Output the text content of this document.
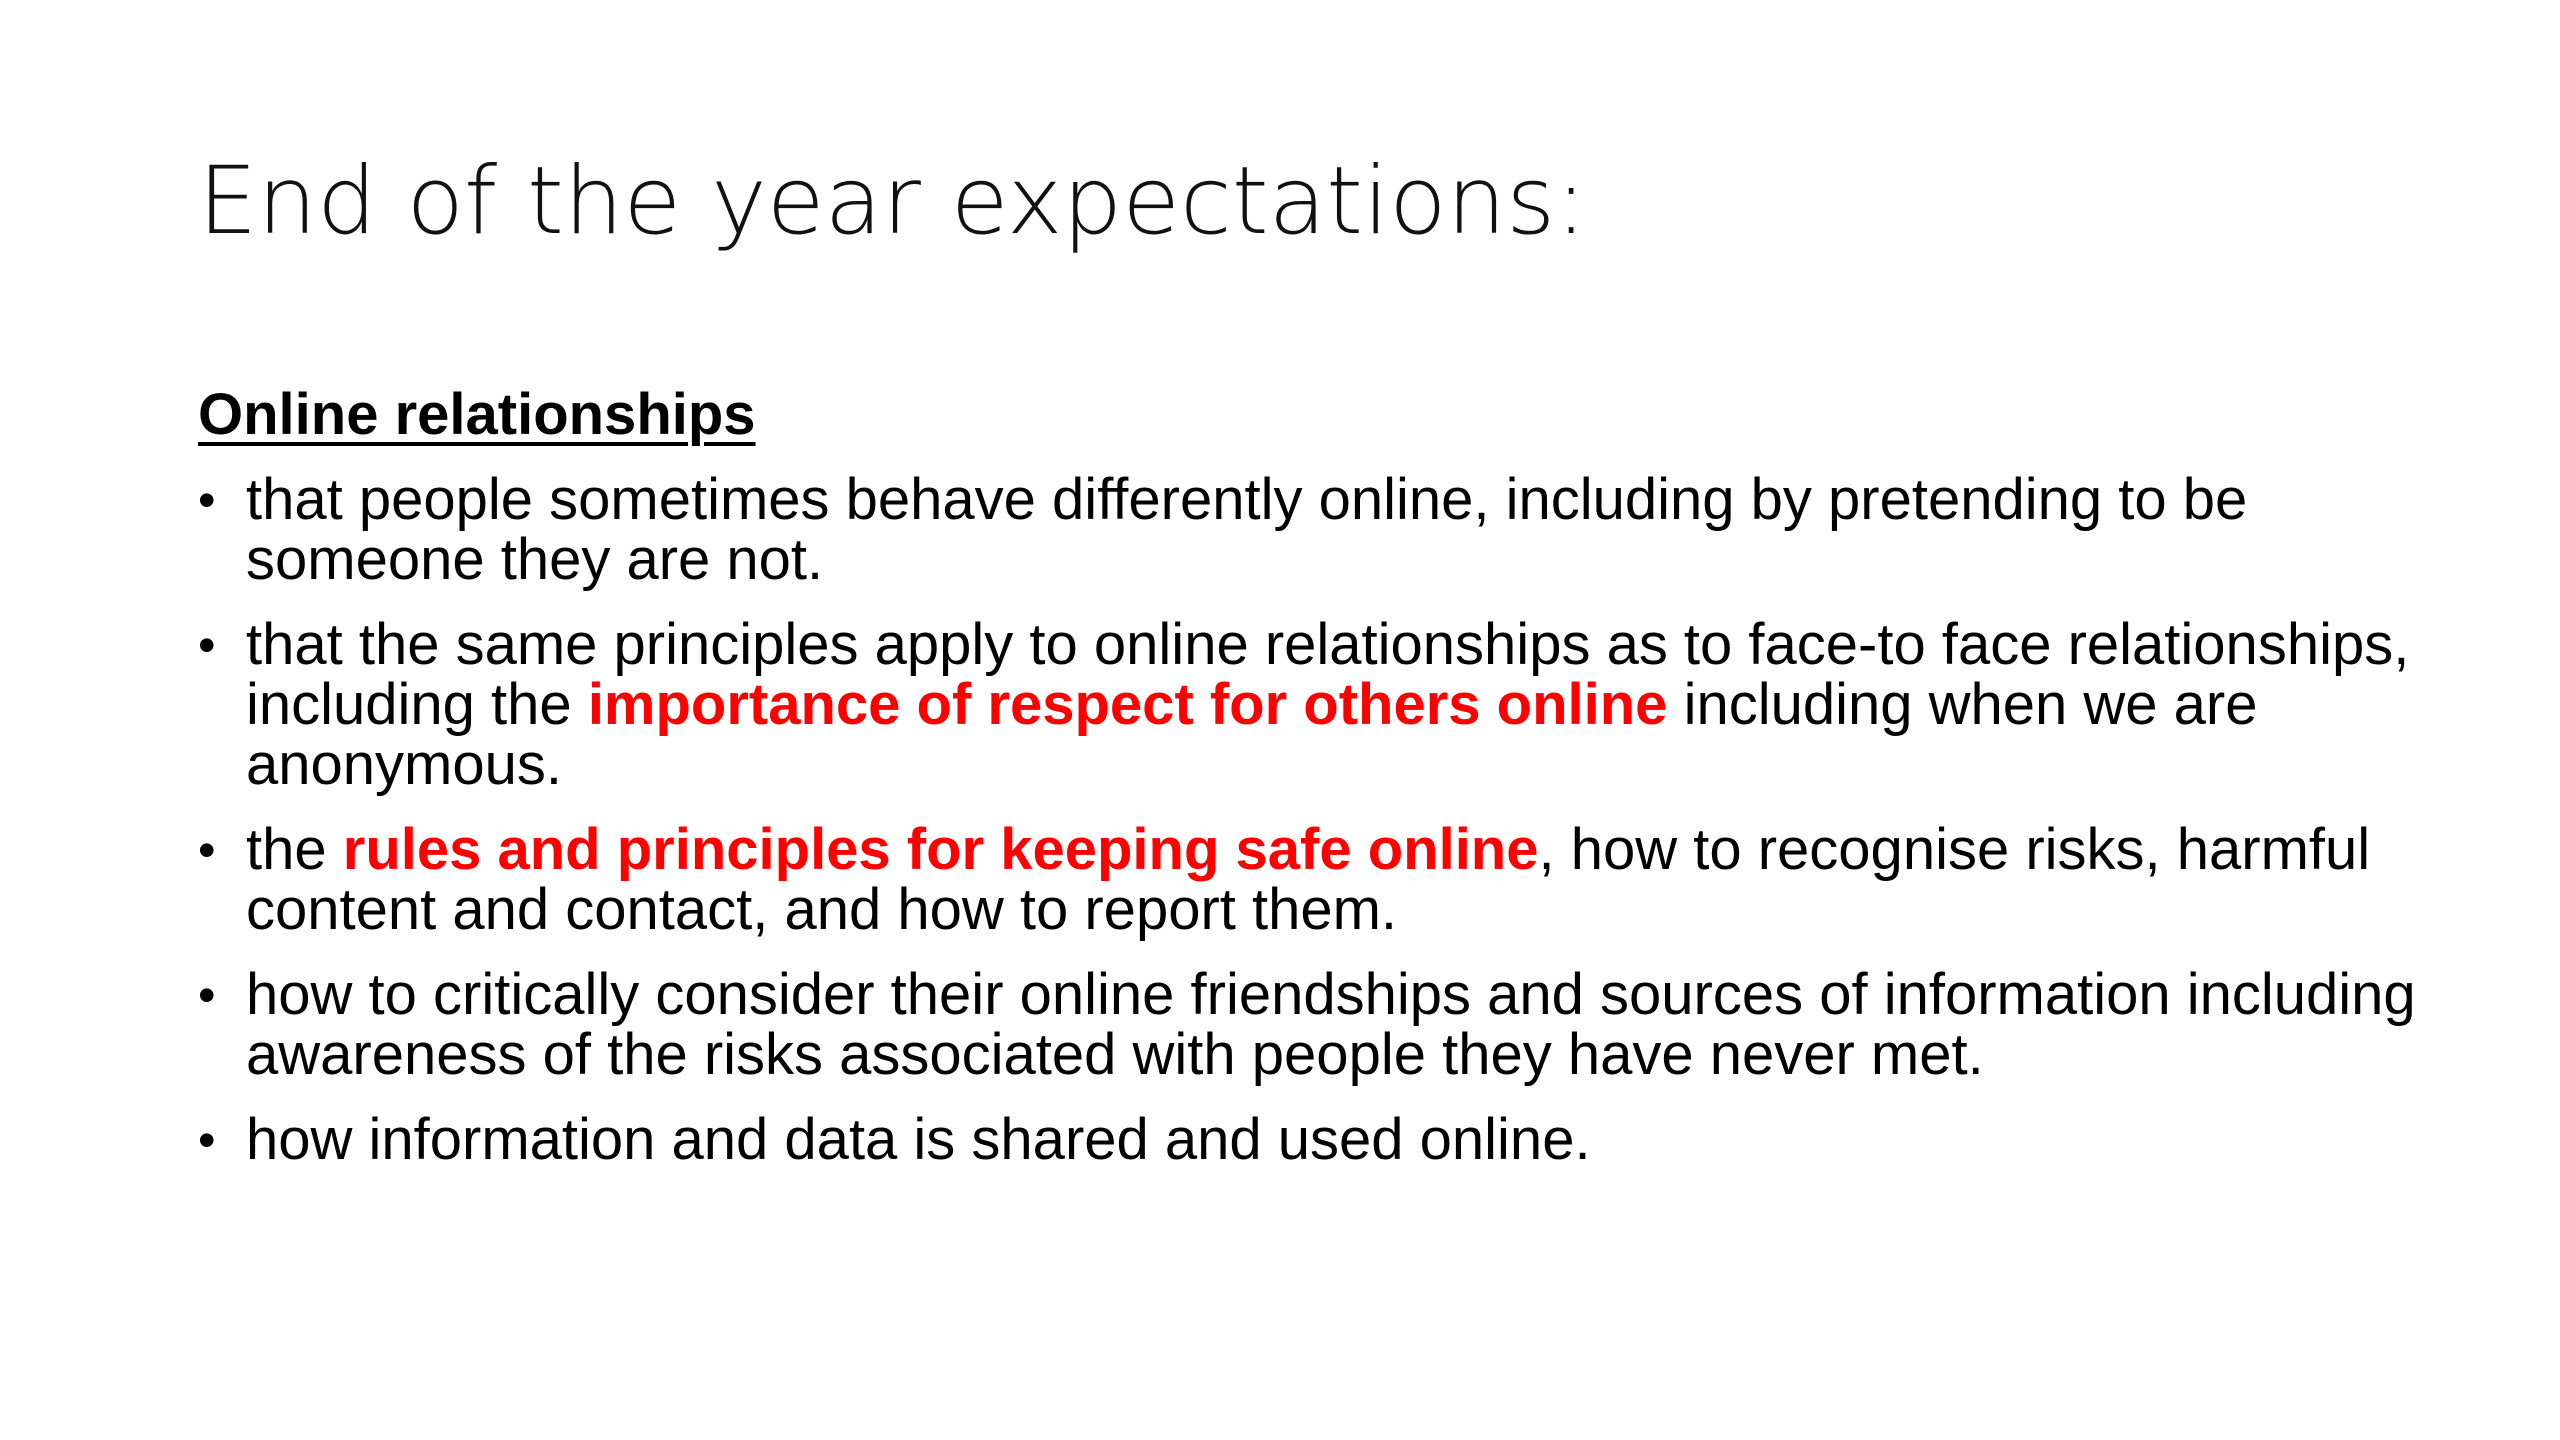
End of the year expectations:
Online relationships
• that people sometimes behave differently online, including by pretending to be someone they are not.
• that the same principles apply to online relationships as to face-to face relationships, including the importance of respect for others online including when we are anonymous.
• the rules and principles for keeping safe online, how to recognise risks, harmful content and contact, and how to report them.
• how to critically consider their online friendships and sources of information including awareness of the risks associated with people they have never met.
• how information and data is shared and used online.
